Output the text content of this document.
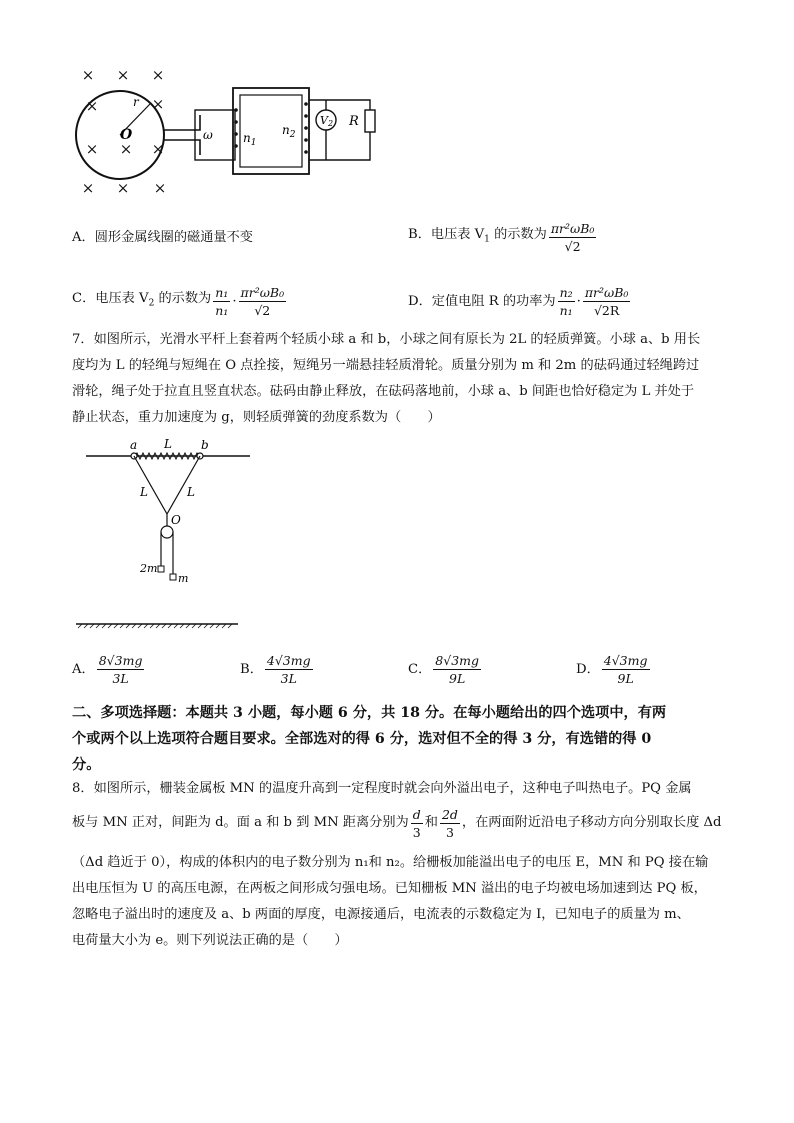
× × ×
×	×
× × ×
× × ×
r
O	ω	$n_1$
$n_2$
V2 R
A．圆形金属线圈的磁通量不变	B．电压表 $V_1$ 的示数为 $\frac{\text{πr²ωB₀}}{√2}$
C．电压表 $V_2$ 的示数为 $\frac{\text{n₁}}{\text{n₁}} \cdot \frac{\text{πr²ωB₀}}{√2}$	D．定值电阻 R 的功率为 $\frac{\text{n₂}}{\text{n₁}} \cdot \frac{\text{πr²ωB₀}}{√2R}$
7．如图所示，光滑水平杆上套着两个轻质小球 a 和 b，小球之间有原长为 2L 的轻质弹簧。小球 a、b 用长
度均为 L 的轻绳与短绳在 O 点拴接，短绳另一端悬挂轻质滑轮。质量分别为 m 和 2m 的砝码通过轻绳跨过
滑轮，绳子处于拉直且竖直状态。砝码由静止释放，在砝码落地前，小球 a、b 间距也恰好稳定为 L 并处于
静止状态，重力加速度为 g，则轻质弹簧的劲度系数为（　　）
a	b
L
L	L
O
2m
m
A． $\frac{8√3mg}{3L}$	B． $\frac{4√3mg}{3L}$	C． $\frac{8√3mg}{9L}$	D． $\frac{4√3mg}{9L}$
二、多项选择题：本题共 3 小题，每小题 6 分，共 18 分。在每小题给出的四个选项中，有两
个或两个以上选项符合题目要求。全部选对的得 6 分，选对但不全的得 3 分，有选错的得 0
分。
8．如图所示，栅装金属板 MN 的温度升高到一定程度时就会向外溢出电子，这种电子叫热电子。PQ 金属
板与 MN 正对，间距为 d。面 a 和 b 到 MN 距离分别为 $\frac{d}{3}$ 和 $\frac{2d}{3}$ ，在两面附近沿电子移动方向分别取长度 Δd
（Δd 趋近于 0），构成的体积内的电子数分别为 n₁和 n₂。给栅板加能溢出电子的电压 E，MN 和 PQ 接在输
出电压恒为 U 的高压电源，在两板之间形成匀强电场。已知栅板 MN 溢出的电子均被电场加速到达 PQ 板，
忽略电子溢出时的速度及 a、b 两面的厚度，电源接通后，电流表的示数稳定为 I，已知电子的质量为 m、
电荷量大小为 e。则下列说法正确的是（　　）
